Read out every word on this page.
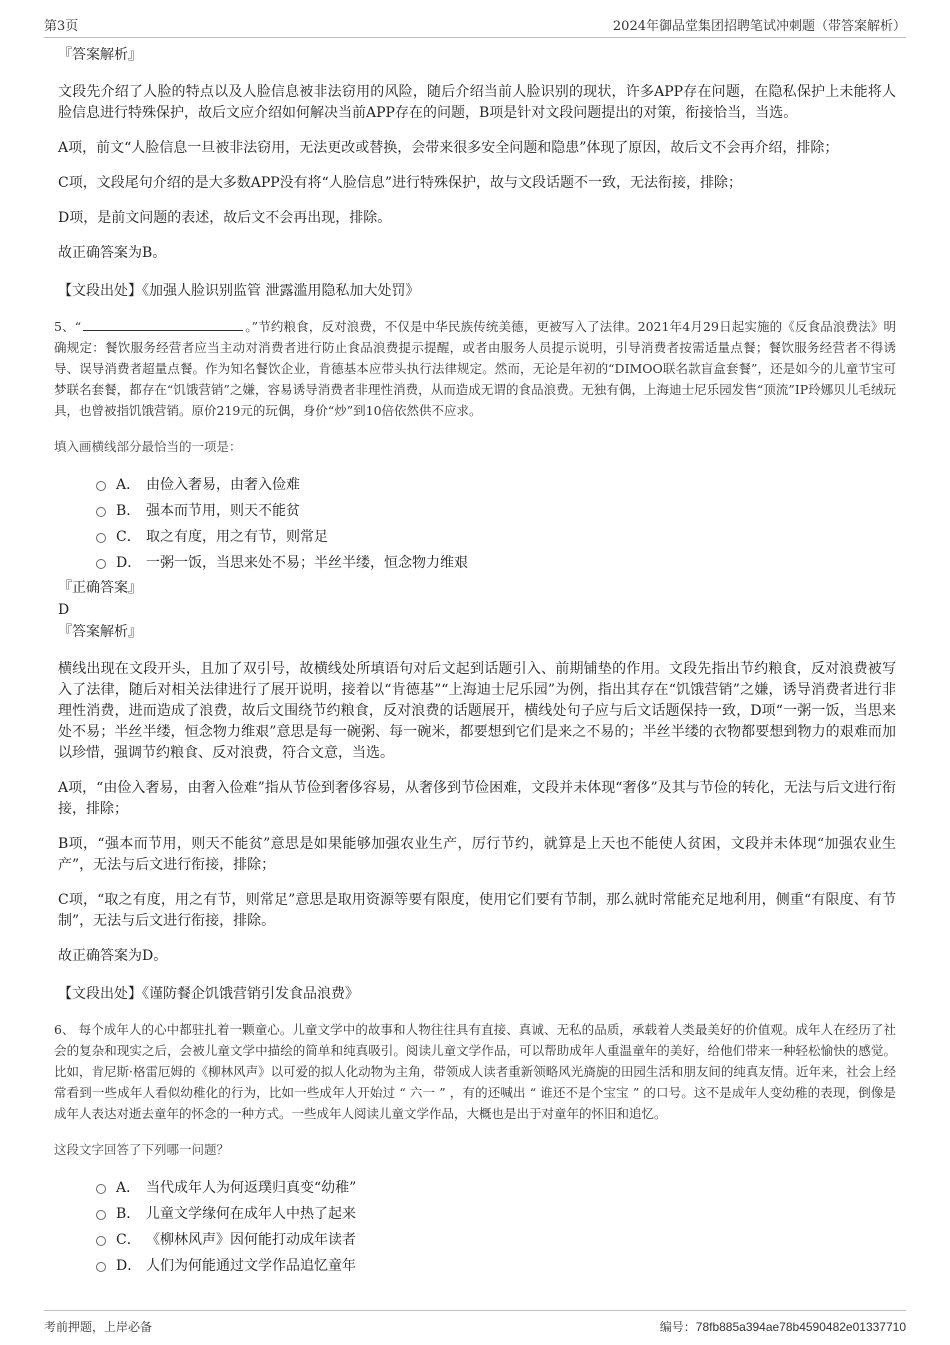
第3页	2024年御品堂集团招聘笔试冲刺题（带答案解析）
『答案解析』
文段先介绍了人脸的特点以及人脸信息被非法窃用的风险，随后介绍当前人脸识别的现状，许多APP存在问题，在隐私保护上未能将人脸信息进行特殊保护，故后文应介绍如何解决当前APP存在的问题，B项是针对文段问题提出的对策，衔接恰当，当选。
A项，前文“人脸信息一旦被非法窃用，无法更改或替换，会带来很多安全问题和隐患”体现了原因，故后文不会再介绍，排除；
C项，文段尾句介绍的是大多数APP没有将“人脸信息”进行特殊保护，故与文段话题不一致，无法衔接，排除；
D项，是前文问题的表述，故后文不会再出现，排除。
故正确答案为B。
【文段出处】《加强人脸识别监管 泄露滥用隐私加大处罚》
5、“	。”节约粮食，反对浪费，不仅是中华民族传统美德，更被写入了法律。2021年4月29日起实施的《反食品浪费法》明确规定：餐饮服务经营者应当主动对消费者进行防止食品浪费提示提醒，或者由服务人员提示说明，引导消费者按需适量点餐；餐饮服务经营者不得诱导、误导消费者超量点餐。作为知名餐饮企业，肯德基本应带头执行法律规定。然而，无论是年初的“DIMOO联名款盲盒套餐”，还是如今的儿童节宝可梦联名套餐，都存在“饥饿营销”之嫌，容易诱导消费者非理性消费，从而造成无谓的食品浪费。无独有偶，上海迪士尼乐园发售“顶流”IP玲娜贝儿毛绒玩具，也曾被指饥饿营销。原价219元的玩偶，身价“炒”到10倍依然供不应求。
填入画横线部分最恰当的一项是：
A． 由俭入奢易，由奢入俭难
B． 强本而节用，则天不能贫
C． 取之有度，用之有节，则常足
D． 一粥一饭，当思来处不易；半丝半缕，恒念物力维艰
『正确答案』
D
『答案解析』
横线出现在文段开头，且加了双引号，故横线处所填语句对后文起到话题引入、前期铺垫的作用。文段先指出节约粮食，反对浪费被写入了法律，随后对相关法律进行了展开说明，接着以“肯德基”“上海迪士尼乐园”为例，指出其存在“饥饿营销”之嫌，诱导消费者进行非理性消费，进而造成了浪费，故后文围绕节约粮食，反对浪费的话题展开，横线处句子应与后文话题保持一致，D项“一粥一饭，当思来处不易；半丝半缕，恒念物力维艰”意思是每一碗粥、每一碗米，都要想到它们是来之不易的；半丝半缕的衣物都要想到物力的艰难而加以珍惜，强调节约粮食、反对浪费，符合文意，当选。
A项，“由俭入奢易，由奢入俭难”指从节俭到奢侈容易，从奢侈到节俭困难，文段并未体现“奢侈”及其与节俭的转化，无法与后文进行衔接，排除；
B项，“强本而节用，则天不能贫”意思是如果能够加强农业生产，厉行节约，就算是上天也不能使人贫困，文段并未体现“加强农业生产”，无法与后文进行衔接，排除；
C项，“取之有度，用之有节，则常足”意思是取用资源等要有限度，使用它们要有节制，那么就时常能充足地利用，侧重“有限度、有节制”，无法与后文进行衔接，排除。
故正确答案为D。
【文段出处】《谨防餐企饥饿营销引发食品浪费》
6、 每个成年人的心中都驻扎着一颗童心。儿童文学中的故事和人物往往具有直接、真诚、无私的品质，承载着人类最美好的价值观。成年人在经历了社会的复杂和现实之后，会被儿童文学中描绘的简单和纯真吸引。阅读儿童文学作品，可以帮助成年人重温童年的美好，给他们带来一种轻松愉快的感觉。比如，肯尼斯·格雷厄姆的《柳林风声》以可爱的拟人化动物为主角，带领成人读者重新领略风光旖旎的田园生活和朋友间的纯真友情。近年来，社会上经常看到一些成年人看似幼稚化的行为，比如一些成年人开始过 “ 六一 ” ，有的还喊出 “ 谁还不是个宝宝 ” 的口号。这不是成年人变幼稚的表现，倒像是成年人表达对逝去童年的怀念的一种方式。一些成年人阅读儿童文学作品，大概也是出于对童年的怀旧和追忆。
这段文字回答了下列哪一问题？
A． 当代成年人为何返璞归真变“幼稚”
B． 儿童文学缘何在成年人中热了起来
C． 《柳林风声》因何能打动成年读者
D． 人们为何能通过文学作品追忆童年
考前押题，上岸必备	编号：78fb885a394ae78b4590482e01337710
